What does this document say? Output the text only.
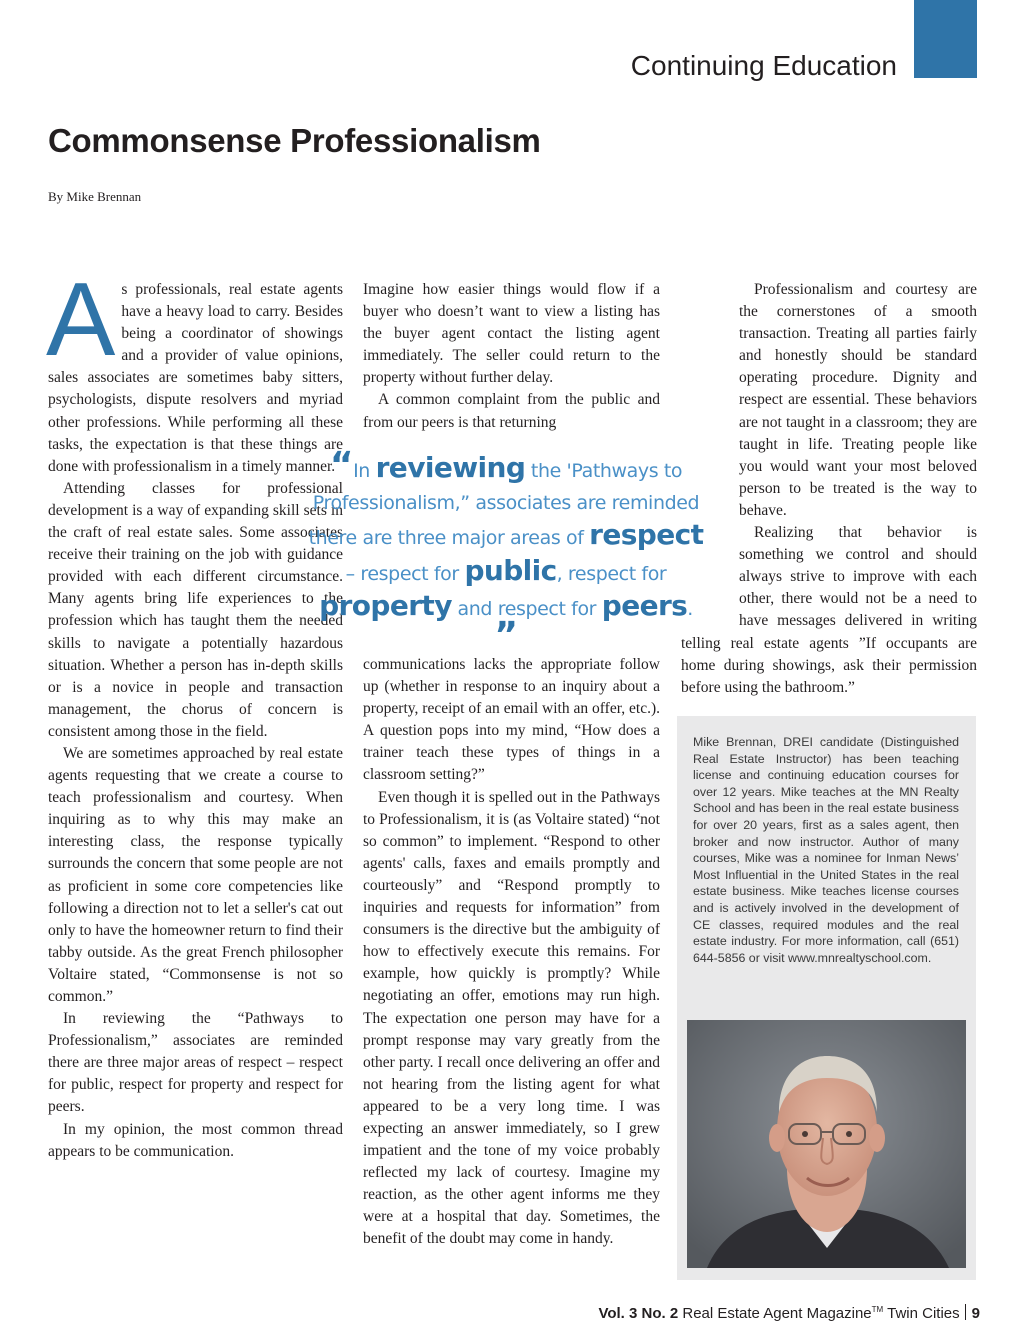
Continuing Education
Commonsense Professionalism
By Mike Brennan

As professionals, real estate agents have a heavy load to carry. Besides being a coordinator of showings and a provider of value opinions, sales associates are sometimes baby sitters, psychologists, dispute resolvers and myriad other professions. While performing all these tasks, the expectation is that these things are done with professionalism in a timely manner.

Attending classes for professional development is a way of expanding skill sets in the craft of real estate sales. Some associates receive their training on the job with guidance provided with each different circumstance. Many agents bring life experiences to the profession which has taught them the needed skills to navigate a potentially hazardous situation. Whether a person has in-depth skills or is a novice in people and transaction management, the chorus of concern is consistent among those in the field.

We are sometimes approached by real estate agents requesting that we create a course to teach professionalism and courtesy. When inquiring as to why this may make an interesting class, the response typically surrounds the concern that some people are not as proficient in some core competencies like following a direction not to let a seller's cat out only to have the homeowner return to find their tabby outside. As the great French philosopher Voltaire stated, “Commonsense is not so common.”

In reviewing the “Pathways to Professionalism,” associates are reminded there are three major areas of respect – respect for public, respect for property and respect for peers.

In my opinion, the most common thread appears to be communication.

Imagine how easier things would flow if a buyer who doesn’t want to view a listing has the buyer agent contact the listing agent immediately. The seller could return to the property without further delay.

A common complaint from the public and from our peers is that returning

“In reviewing the 'Pathways to Professionalism,” associates are reminded there are three major areas of respect – respect for public, respect for property and respect for peers. ”

communications lacks the appropriate follow up (whether in response to an inquiry about a property, receipt of an email with an offer, etc.). A question pops into my mind, “How does a trainer teach these types of things in a classroom setting?”

Even though it is spelled out in the Pathways to Professionalism, it is (as Voltaire stated) “not so common” to implement. “Respond to other agents' calls, faxes and emails promptly and courteously” and “Respond promptly to inquiries and requests for information” from consumers is the directive but the ambiguity of how to effectively execute this remains. For example, how quickly is promptly? While negotiating an offer, emotions may run high. The expectation one person may have for a prompt response may vary greatly from the other party. I recall once delivering an offer and not hearing from the listing agent for what appeared to be a very long time. I was expecting an answer immediately, so I grew impatient and the tone of my voice probably reflected my lack of courtesy. Imagine my reaction, as the other agent informs me they were at a hospital that day. Sometimes, the benefit of the doubt may come in handy.

Professionalism and courtesy are the cornerstones of a smooth transaction. Treating all parties fairly and honestly should be standard operating procedure. Dignity and respect are essential. These behaviors are not taught in a classroom; they are taught in life. Treating people like you would want your most beloved person to be treated is the way to behave.

Realizing that behavior is something we control and should always strive to improve with each other, there would not be a need to have messages delivered in writing telling real estate agents ”If occupants are home during showings, ask their permission before using the bathroom.”

Mike Brennan, DREI candidate (Distinguished Real Estate Instructor) has been teaching license and continuing education courses for over 12 years. Mike teaches at the MN Realty School and has been in the real estate business for over 20 years, first as a sales agent, then broker and now instructor. Author of many courses, Mike was a nominee for Inman News’ Most Influential in the United States in the real estate business. Mike teaches license courses and is actively involved in the development of CE classes, required modules and the real estate industry. For more information, call (651) 644-5856 or visit www.mnrealtyschool.com.
Vol. 3 No. 2 Real Estate Agent Magazine™ Twin Cities 9
